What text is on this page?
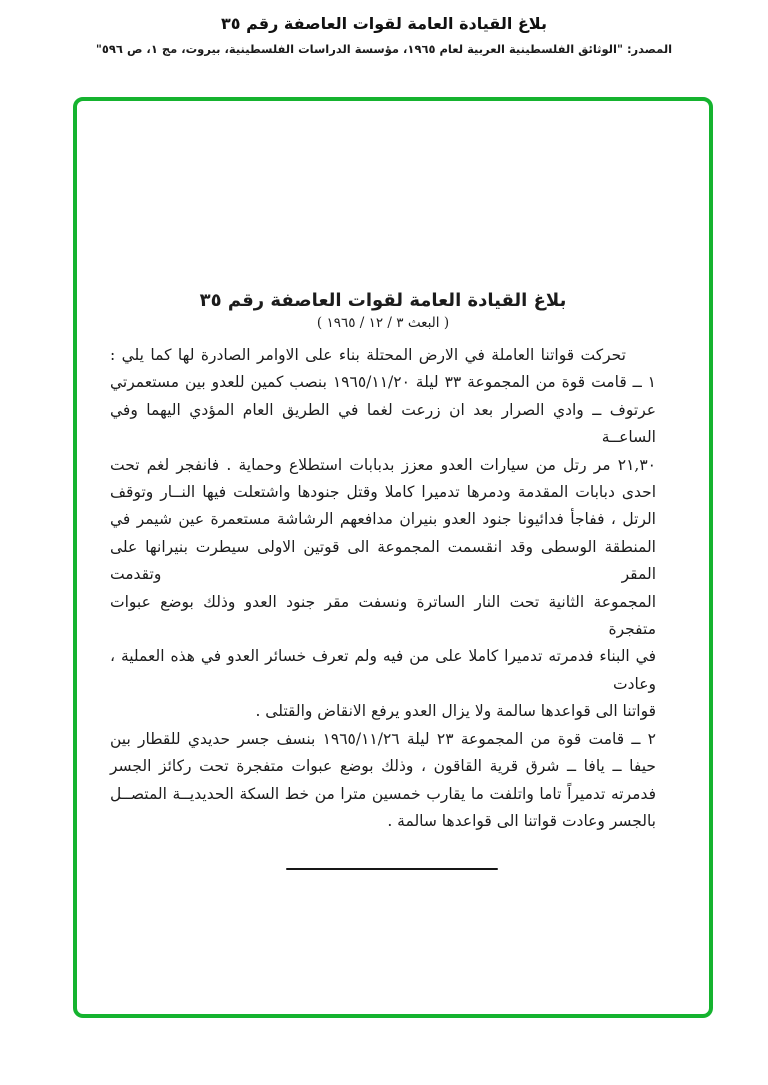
بلاغ القيادة العامة لقوات العاصفة رقم ٣٥
المصدر: "الوثائق الفلسطينية العربية لعام ١٩٦٥، مؤسسة الدراسات الفلسطينية، بيروت، مج ١، ص ٥٩٦"
بلاغ القيادة العامة لقوات العاصفة رقم ٣٥
( البعث ٣ / ١٢ / ١٩٦٥ )
تحركت قواتنا العاملة في الارض المحتلة بناء على الاوامر الصادرة لها كما يلي :
١ ــ قامت قوة من المجموعة ٣٣ ليلة ١٩٦٥/١١/٢٠ بنصب كمين للعدو بين مستعمرتي
عرتوف ــ وادي الصرار بعد ان زرعت لغما في الطريق العام المؤدي اليهما وفي الساعــة
٢١,٣٠ مر رتل من سيارات العدو معزز بدبابات استطلاع وحماية . فانفجر لغم تحت
احدى دبابات المقدمة ودمرها تدميرا كاملا وقتل جنودها واشتعلت فيها النــار وتوقف
الرتل ، ففاجأ فدائيونا جنود العدو بنيران مدافعهم الرشاشة مستعمرة عين شيمر في
المنطقة الوسطى وقد انقسمت المجموعة الى قوتين الاولى سيطرت بنيرانها على المقر وتقدمت
المجموعة الثانية تحت النار الساترة ونسفت مقر جنود العدو وذلك بوضع عبوات متفجرة
في البناء فدمرته تدميرا كاملا على من فيه ولم تعرف خسائر العدو في هذه العملية ، وعادت
قواتنا الى قواعدها سالمة ولا يزال العدو يرفع الانقاض والقتلى .
٢ ــ قامت قوة من المجموعة ٢٣ ليلة ١٩٦٥/١١/٢٦ بنسف جسر حديدي للقطار بين
حيفا ــ يافا ــ شرق قرية القاقون ، وذلك بوضع عبوات متفجرة تحت ركائز الجسر
فدمرته تدميراً تاما واتلفت ما يقارب خمسين مترا من خط السكة الحديديــة المتصــل
بالجسر وعادت قواتنا الى قواعدها سالمة .
